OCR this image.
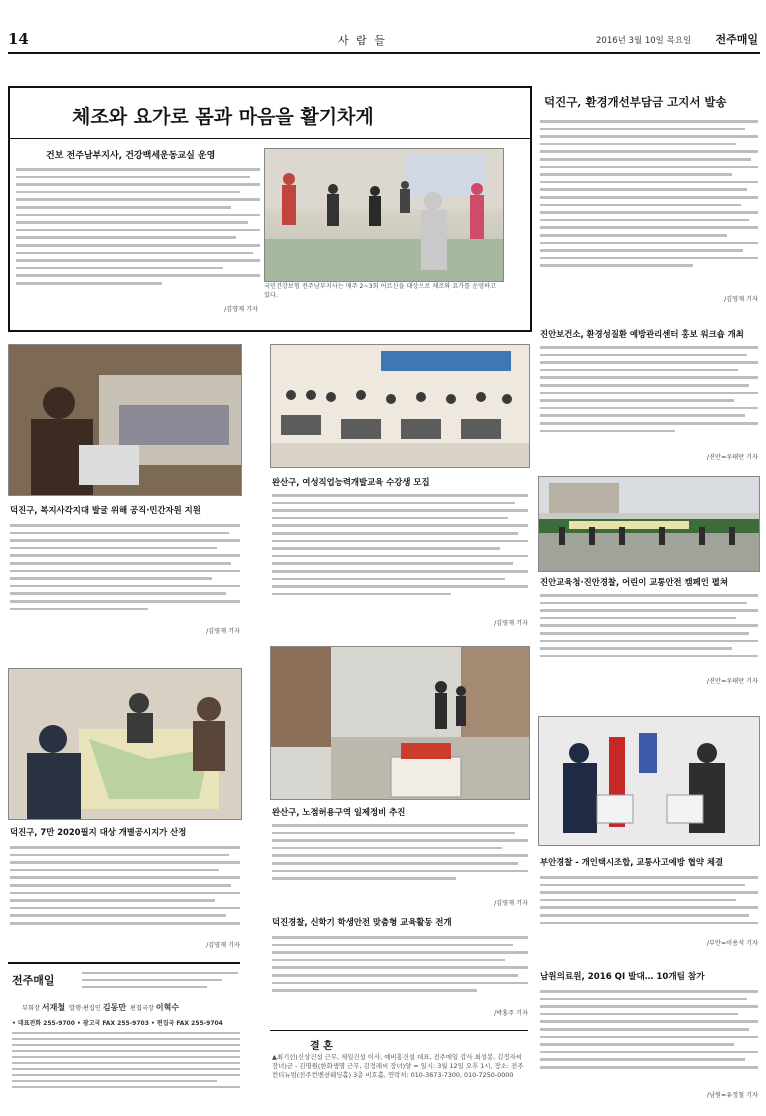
14	사 람 들	2016년 3월 10일 목요일 전주매일
체조와 요가로 몸과 마음을 활기차게
건보 전주남부지사, 건강백세운동교실 운영
/김영재 기자
국민건강보험 전주남부지사는 매주 2~3회 어르신을 대상으로 체조와 요가를 운영하고 있다.
덕진구, 환경개선부담금 고지서 발송
/김영재 기자
진안보건소, 환경성질환 예방관리센터 홍보 워크숍 개최
/진안=우태만 기자
진안교육청·진안경찰, 어린이 교통안전 캠페인 펼쳐
/진안=우태만 기자
부안경찰 - 개인택시조합, 교통사고예방 협약 체결
/부안=이용석 기자
남원의료원, 2016 QI 발대… 10개팀 참가
/남원=유정철 기자
덕진구, 복지사각지대 발굴 위해 공직·민간자원 지원
/김영재 기자
덕진구, 7만 2020필지 대상 개별공시지가 산정
/김영재 기자
완산구, 여성직업능력개발교육 수강생 모집
/김영재 기자
완산구, 노점허용구역 일제정비 추진
/김영재 기자
덕진경찰, 신학기 학생안전 맞춤형 교육활동 전개
/박홍주 기자
결 혼
▲최기선(신상건설 근무, 제일건설 이사, 예비홍건설 대표, 전주매일 감사 최성봉, 김정자씨 장녀)군 - 김명원(한화생명 근무, 김정래씨 장녀)양 = 일시: 3월 12일 오후 1시, 장소: 전주 컨티뉴엄(전주컨벤션웨딩홀) 3층 비호홀, 연락처: 010-3673-7300, 010-7250-0000
전주매일
부회장 서재철 발행·편집인 김동만 편집국장 이혁수
• 대표전화 255-9700 • 광고국 FAX 255-9703 • 편집국 FAX 255-9704
